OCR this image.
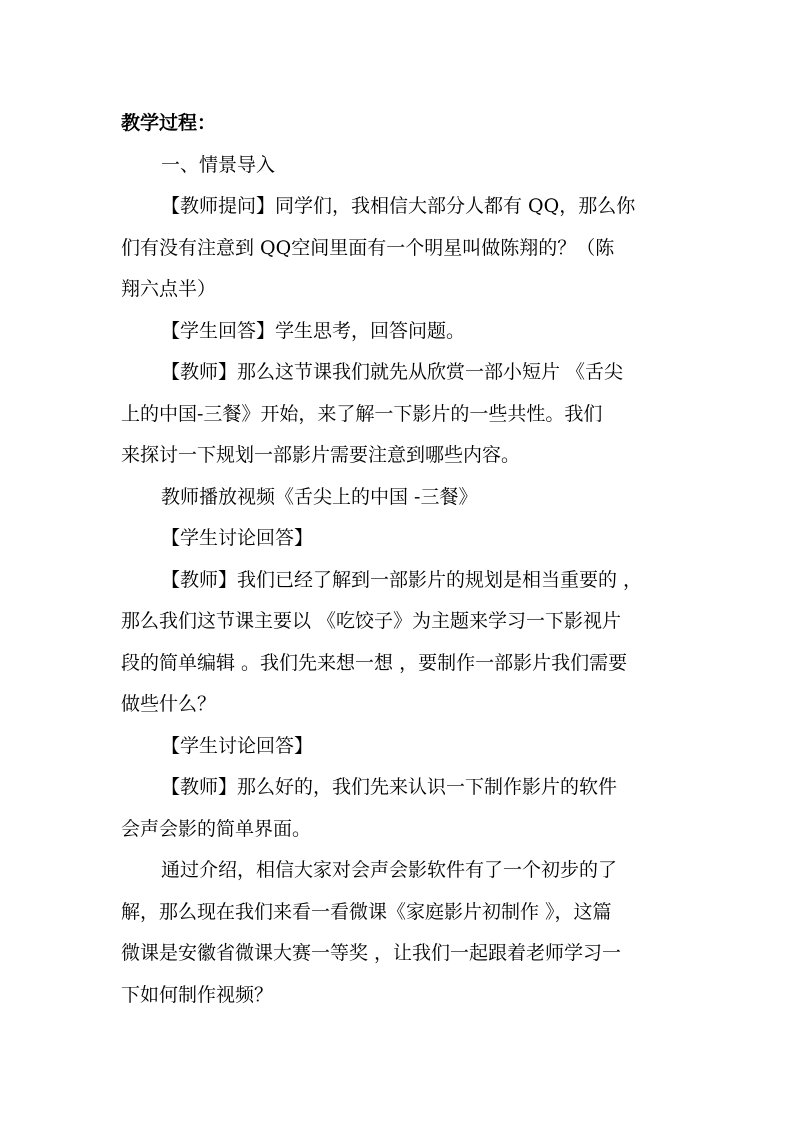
教学过程：
一、情景导入
【教师提问】同学们，我相信大部分人都有 QQ，那么你
们有没有注意到 QQ空间里面有一个明星叫做陈翔的？（陈
翔六点半）
【学生回答】学生思考，回答问题。
【教师】那么这节课我们就先从欣赏一部小短片 《舌尖
上的中国-三餐》开始，来了解一下影片的一些共性。我们
来探讨一下规划一部影片需要注意到哪些内容。
教师播放视频《舌尖上的中国 -三餐》
【学生讨论回答】
【教师】我们已经了解到一部影片的规划是相当重要的 ，
那么我们这节课主要以 《吃饺子》为主题来学习一下影视片
段的简单编辑 。我们先来想一想 ，要制作一部影片我们需要
做些什么？
【学生讨论回答】
【教师】那么好的，我们先来认识一下制作影片的软件
会声会影的简单界面。
通过介绍，相信大家对会声会影软件有了一个初步的了
解，那么现在我们来看一看微课《家庭影片初制作 》，这篇
微课是安徽省微课大赛一等奖 ，让我们一起跟着老师学习一
下如何制作视频？
